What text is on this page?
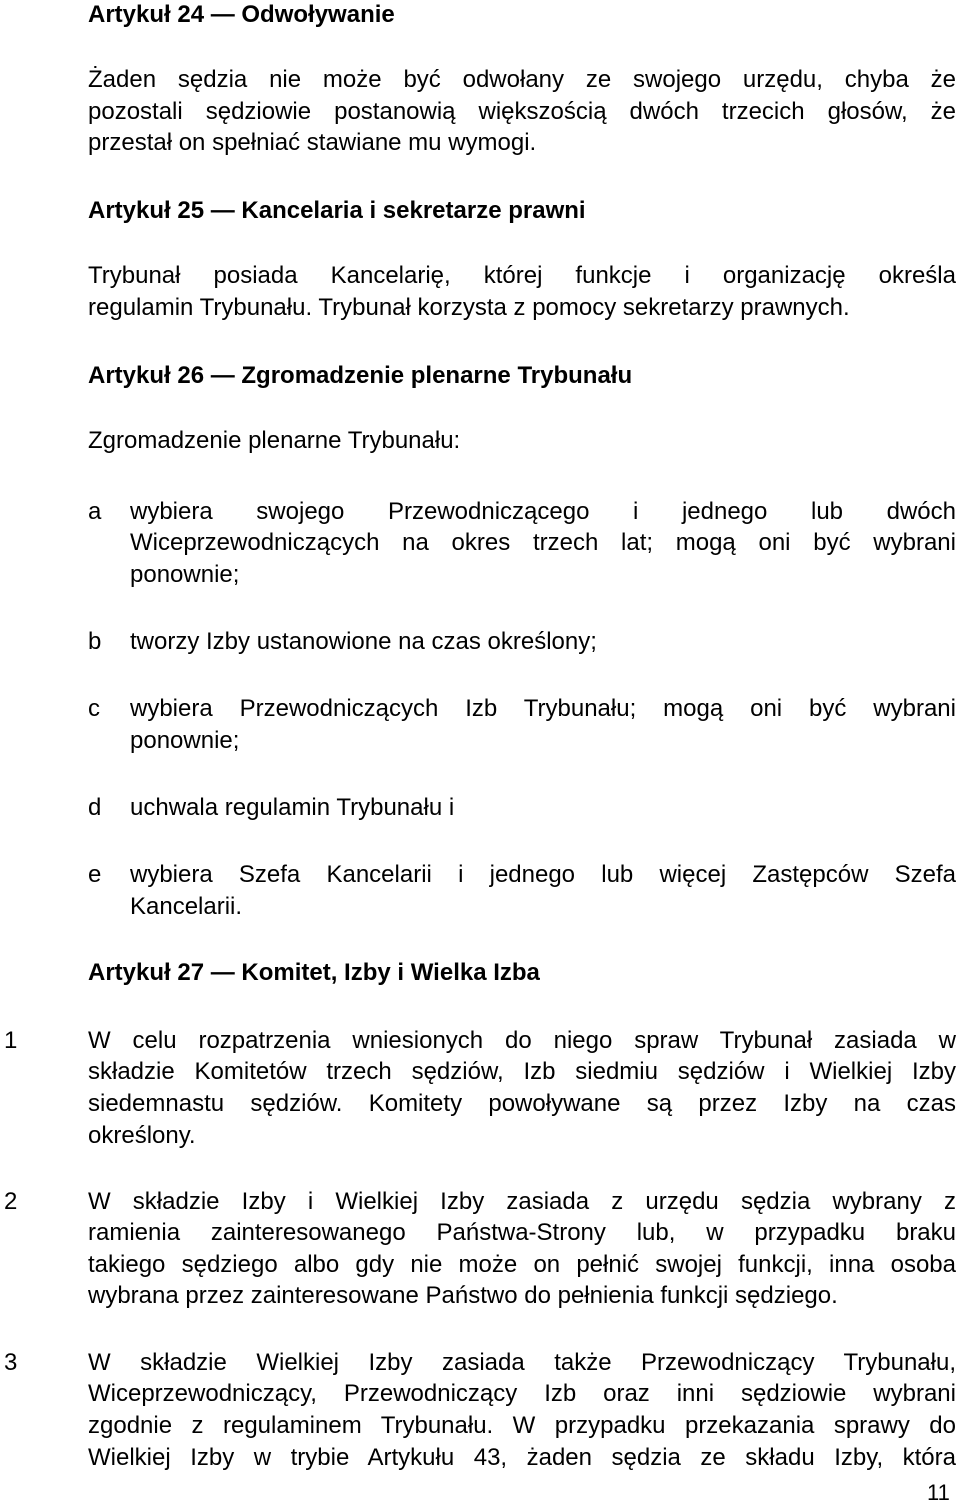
Artykuł 24 — Odwoływanie
Żaden sędzia nie może być odwołany ze swojego urzędu, chyba że
pozostali sędziowie postanowią większością dwóch trzecich głosów, że
przestał on spełniać stawiane mu wymogi.
Artykuł 25 — Kancelaria i sekretarze prawni
Trybunał posiada Kancelarię, której funkcje i organizację określa
regulamin Trybunału. Trybunał korzysta z pomocy sekretarzy prawnych.
Artykuł 26 — Zgromadzenie plenarne Trybunału
Zgromadzenie plenarne Trybunału:
a wybiera swojego Przewodniczącego i jednego lub dwóch
Wiceprzewodniczących na okres trzech lat; mogą oni być wybrani
ponownie;
b tworzy Izby ustanowione na czas określony;
c wybiera Przewodniczących Izb Trybunału; mogą oni być wybrani
ponownie;
d uchwala regulamin Trybunału i
e wybiera Szefa Kancelarii i jednego lub więcej Zastępców Szefa
Kancelarii.
Artykuł 27 — Komitet, Izby i Wielka Izba
1	W celu rozpatrzenia wniesionych do niego spraw Trybunał zasiada w
składzie Komitetów trzech sędziów, Izb siedmiu sędziów i Wielkiej Izby
siedemnastu sędziów. Komitety powoływane są przez Izby na czas
określony.
2	W składzie Izby i Wielkiej Izby zasiada z urzędu sędzia wybrany z
ramienia zainteresowanego Państwa-Strony lub, w przypadku braku
takiego sędziego albo gdy nie może on pełnić swojej funkcji, inna osoba
wybrana przez zainteresowane Państwo do pełnienia funkcji sędziego.
3	W składzie Wielkiej Izby zasiada także Przewodniczący Trybunału,
Wiceprzewodniczący, Przewodniczący Izb oraz inni sędziowie wybrani
zgodnie z regulaminem Trybunału. W przypadku przekazania sprawy do
Wielkiej Izby w trybie Artykułu 43, żaden sędzia ze składu Izby, która
11
